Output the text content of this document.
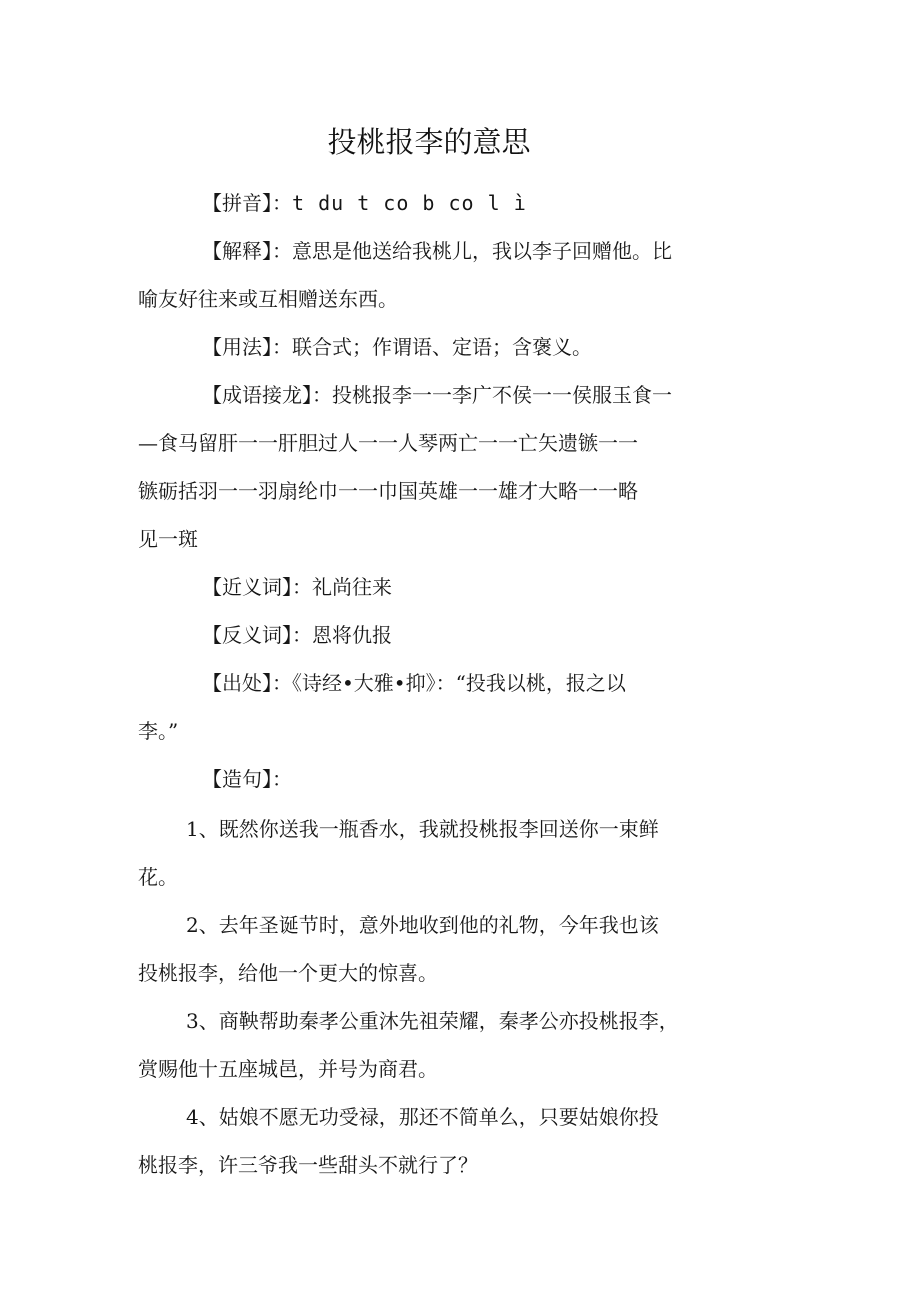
投桃报李的意思
【拼音】：t du t co b co l ì
【解释】：意思是他送给我桃儿，我以李子回赠他。比
喻友好往来或互相赠送东西。
【用法】：联合式；作谓语、定语；含褒义。
【成语接龙】：投桃报李一一李广不侯一一侯服玉食一
—食马留肝一一肝胆过人一一人琴两亡一一亡矢遗镞一一
镞砺括羽一一羽扇纶巾一一巾国英雄一一雄才大略一一略
见一斑
【近义词】：礼尚往来
【反义词】：恩将仇报
【出处】：《诗经•大雅•抑》：“投我以桃，报之以
李。”
【造句】：
1、既然你送我一瓶香水，我就投桃报李回送你一束鲜
花。
2、去年圣诞节时，意外地收到他的礼物，今年我也该
投桃报李，给他一个更大的惊喜。
3、商鞅帮助秦孝公重沐先祖荣耀，秦孝公亦投桃报李，
赏赐他十五座城邑，并号为商君。
4、姑娘不愿无功受禄，那还不简单么，只要姑娘你投
桃报李，许三爷我一些甜头不就行了？
